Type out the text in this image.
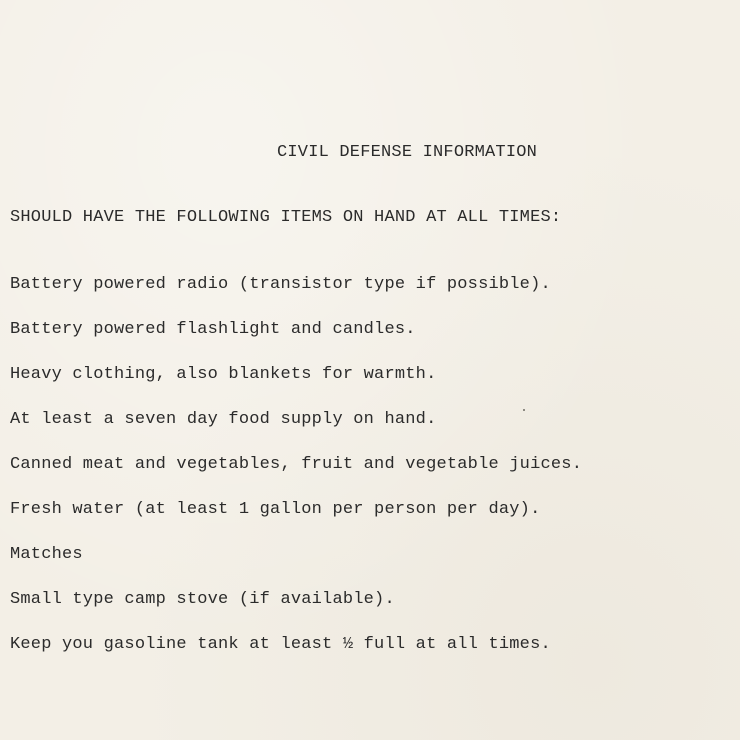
CIVIL DEFENSE INFORMATION
SHOULD HAVE THE FOLLOWING ITEMS ON HAND AT ALL TIMES:
Battery powered radio (transistor type if possible).
Battery powered flashlight and candles.
Heavy clothing, also blankets for warmth.
At least a seven day food supply on hand.
Canned meat and vegetables, fruit and vegetable juices.
Fresh water (at least 1 gallon per person per day).
Matches
Small type camp stove (if available).
Keep you gasoline tank at least ½ full at all times.
